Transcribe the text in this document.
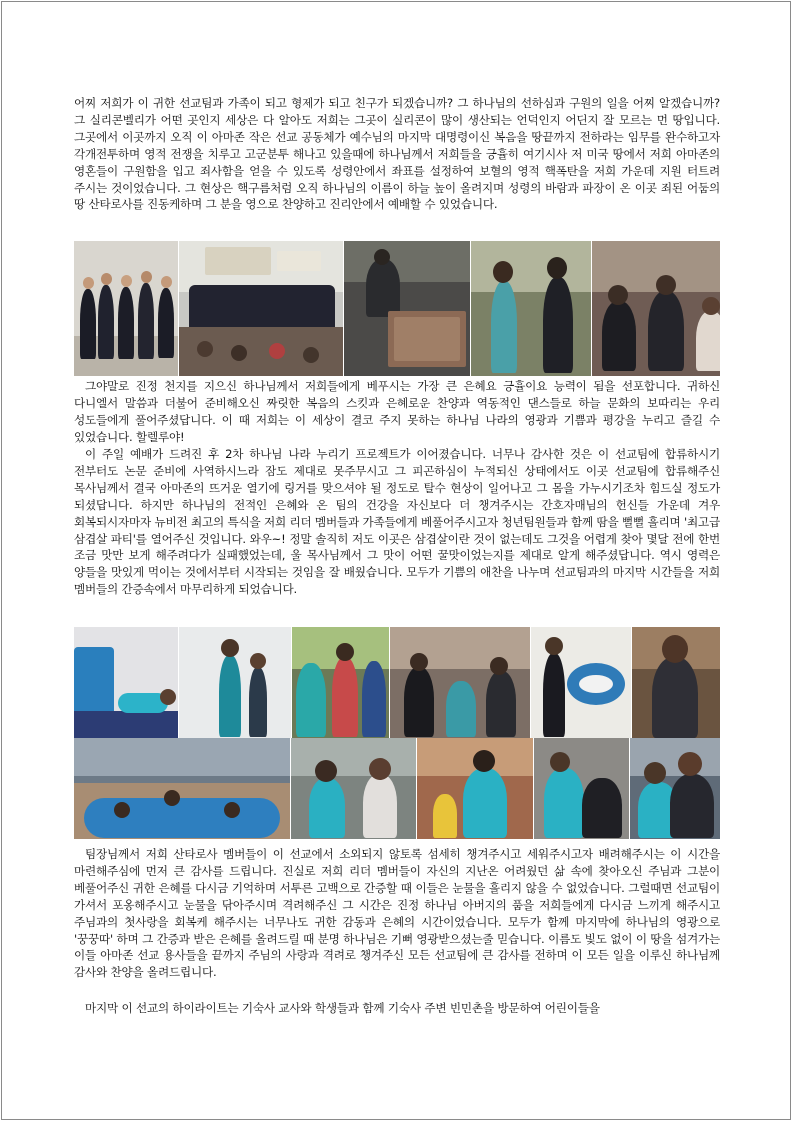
어찌 저희가 이 귀한 선교팀과 가족이 되고 형제가 되고 친구가 되겠습니까? 그 하나님의 선하심과 구원의 일을 어찌 알겠습니까? 그 실리콘벨리가 어떤 곳인지 세상은 다 알아도 저희는 그곳이 실리콘이 많이 생산되는 언덕인지 어딘지 잘 모르는 먼 땅입니다. 그곳에서 이곳까지 오직 이 아마존 작은 선교 공동체가 예수님의 마지막 대명령이신 복음을 땅끝까지 전하라는 임무를 완수하고자 각개전투하며 영적 전쟁을 치루고 고군분투 해나고 있을때에 하나님께서 저희들을 긍휼히 여기시사 저 미국 땅에서 저희 아마존의 영혼들이 구원함을 입고 죄사함을 얻을 수 있도록 성령안에서 좌표를 설정하여 보혈의 영적 핵폭탄을 저희 가운데 지원 터트려 주시는 것이었습니다. 그 현상은 핵구름처럼 오직 하나님의 이름이 하늘 높이 올려지며 성령의 바람과 파장이 온 이곳 죄된 어둠의 땅 산타로사를 진동케하며 그 분을 영으로 찬양하고 진리안에서 예배할 수 있었습니다.

그야말로 진정 천지를 지으신 하나님께서 저희들에게 베푸시는 가장 큰 은혜요 긍휼이요 능력이 됨을 선포합니다. 귀하신 다니엘서 말씀과 더불어 준비해오신 짜릿한 복음의 스킷과 은혜로운 찬양과 역동적인 댄스들로 하늘 문화의 보따리는 우리 성도들에게 풀어주셨답니다. 이 때 저희는 이 세상이 결코 주지 못하는 하나님 나라의 영광과 기쁨과 평강을 누리고 즐길 수 있었습니다. 할렐루야!

이 주일 예배가 드려진 후 2차 하나님 나라 누리기 프로젝트가 이어졌습니다. 너무나 감사한 것은 이 선교팀에 합류하시기 전부터도 논문 준비에 사역하시느라 잠도 제대로 못주무시고 그 피곤하심이 누적되신 상태에서도 이곳 선교팀에 합류해주신 목사님께서 결국 아마존의 뜨거운 열기에 링거를 맞으셔야 될 정도로 탈수 현상이 일어나고 그 몸을 가누시기조차 힘드실 정도가 되셨답니다. 하지만 하나님의 전적인 은혜와 온 팀의 건강을 자신보다 더 챙겨주시는 간호자매님의 헌신들 가운데 겨우 회복되시자마자 뉴비전 최고의 특식을 저희 리더 멤버들과 가족들에게 베풀어주시고자 청년팀원들과 함께 땀을 뻘뻘 흘리며 '최고급 삼겹살 파티'를 열어주신 것입니다. 와우~! 정말 솔직히 저도 이곳은 삼겹살이란 것이 없는데도 그것을 어렵게 찾아 몇달 전에 한번 조금 맛만 보게 해주려다가 실패했었는데, 울 목사님께서 그 맛이 어떤 꿀맛이었는지를 제대로 알게 해주셨답니다. 역시 영력은 양들을 맛있게 먹이는 것에서부터 시작되는 것임을 잘 배웠습니다. 모두가 기쁨의 애찬을 나누며 선교팀과의 마지막 시간들을 저희 멤버들의 간증속에서 마무리하게 되었습니다.

팀장님께서 저희 산타로사 멤버들이 이 선교에서 소외되지 않토록 섬세히 챙겨주시고 세워주시고자 배려해주시는 이 시간을 마련해주심에 먼저 큰 감사를 드립니다. 진실로 저희 리더 멤버들이 자신의 지난온 어려웠던 삶 속에 찾아오신 주님과 그분이 베풀어주신 귀한 은혜를 다시금 기억하며 서투른 고백으로 간증할 때 이들은 눈물을 흘리지 않을 수 없었습니다. 그럴때면 선교팀이 가셔서 포옹해주시고 눈물을 닦아주시며 격려해주신 그 시간은 진정 하나님 아버지의 품을 저희들에게 다시금 느끼게 해주시고 주님과의 첫사랑을 회복케 해주시는 너무나도 귀한 감동과 은혜의 시간이었습니다. 모두가 함께 마지막에 하나님의 영광으로 '꿍꿍따' 하며 그 간증과 받은 은혜를 올려드릴 때 분명 하나님은 기뻐 영광받으셨는줄 믿습니다. 이름도 빛도 없이 이 땅을 섬겨가는 이들 아마존 선교 용사들을 끝까지 주님의 사랑과 격려로 챙겨주신 모든 선교팀에 큰 감사를 전하며 이 모든 일을 이루신 하나님께 감사와 찬양을 올려드립니다.

마지막 이 선교의 하이라이트는 기숙사 교사와 학생들과 함께 기숙사 주변 빈민촌을 방문하여 어린이들을
